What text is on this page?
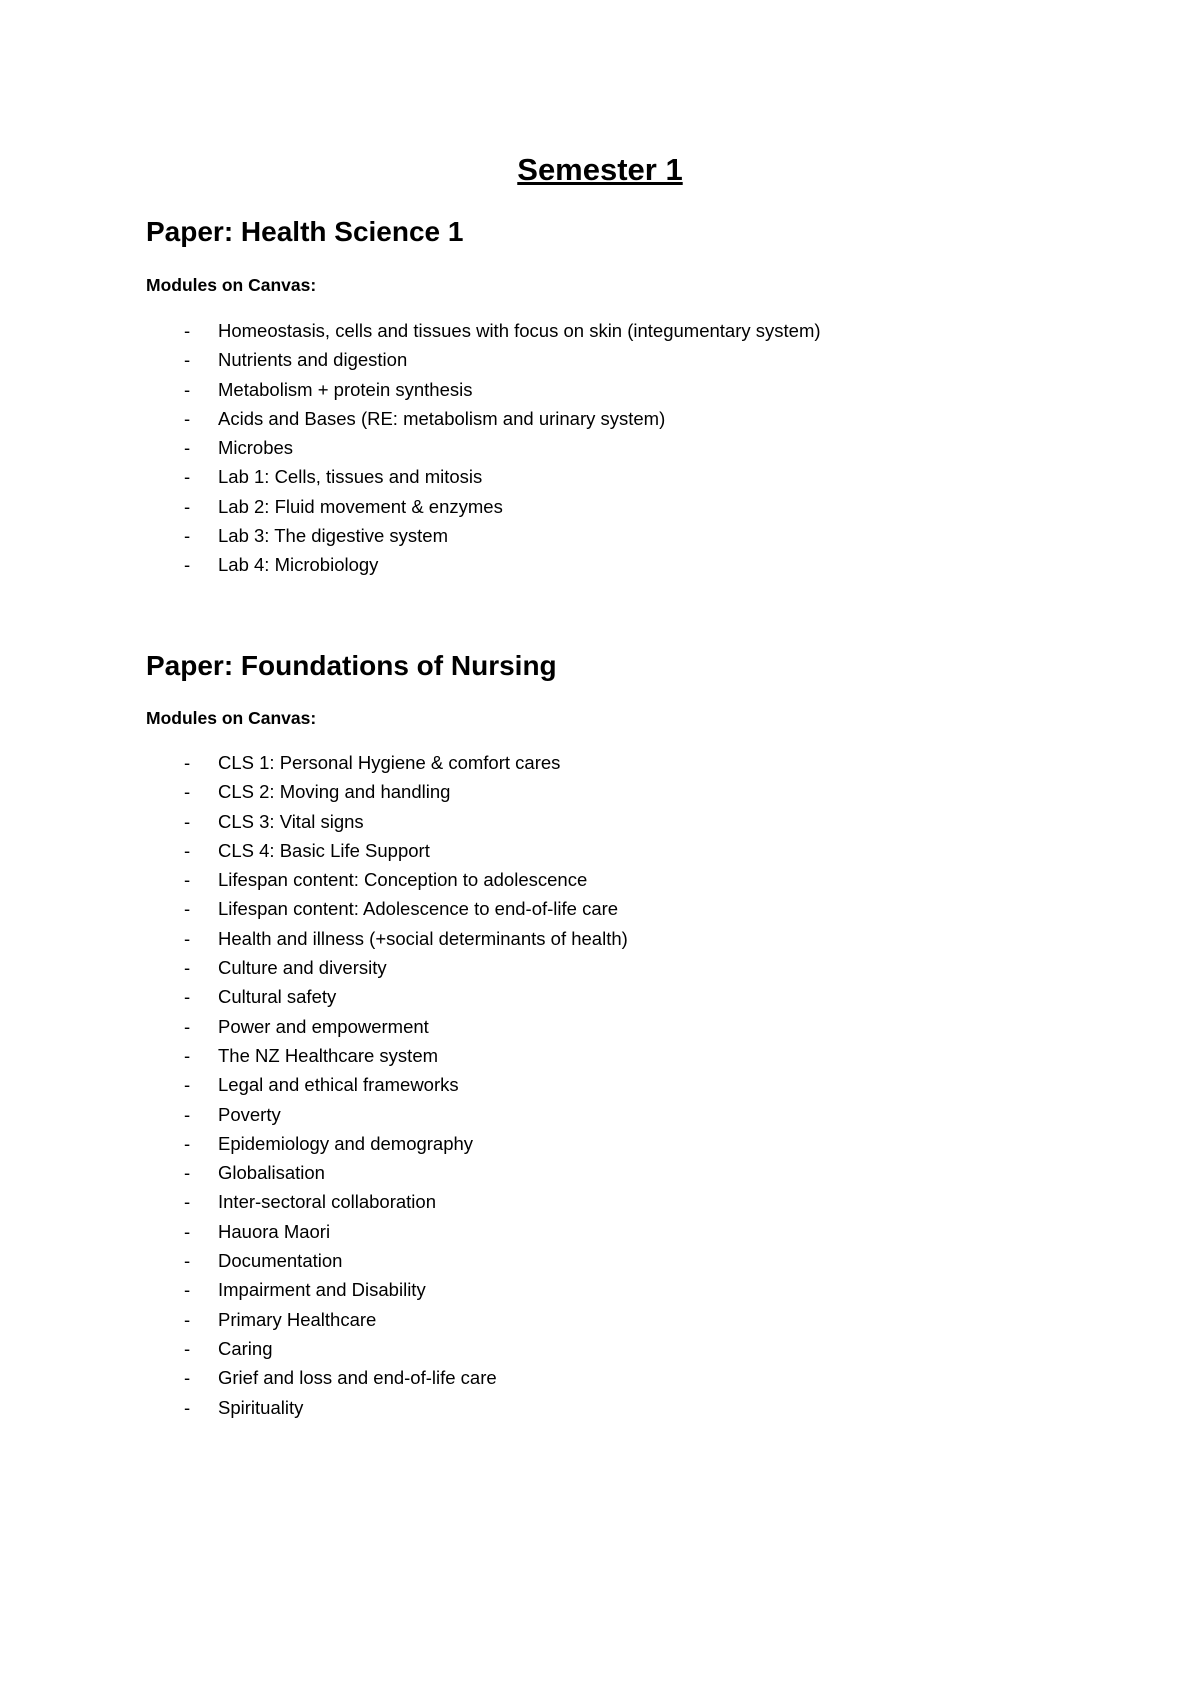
Semester 1
Paper: Health Science 1
Modules on Canvas:
-	Homeostasis, cells and tissues with focus on skin (integumentary system)
-	Nutrients and digestion
-	Metabolism + protein synthesis
-	Acids and Bases (RE: metabolism and urinary system)
-	Microbes
-	Lab 1: Cells, tissues and mitosis
-	Lab 2: Fluid movement & enzymes
-	Lab 3: The digestive system
-	Lab 4: Microbiology
Paper: Foundations of Nursing
Modules on Canvas:
-	CLS 1: Personal Hygiene & comfort cares
-	CLS 2: Moving and handling
-	CLS 3: Vital signs
-	CLS 4: Basic Life Support
-	Lifespan content: Conception to adolescence
-	Lifespan content: Adolescence to end-of-life care
-	Health and illness (+social determinants of health)
-	Culture and diversity
-	Cultural safety
-	Power and empowerment
-	The NZ Healthcare system
-	Legal and ethical frameworks
-	Poverty
-	Epidemiology and demography
-	Globalisation
-	Inter-sectoral collaboration
-	Hauora Maori
-	Documentation
-	Impairment and Disability
-	Primary Healthcare
-	Caring
-	Grief and loss and end-of-life care
-	Spirituality
